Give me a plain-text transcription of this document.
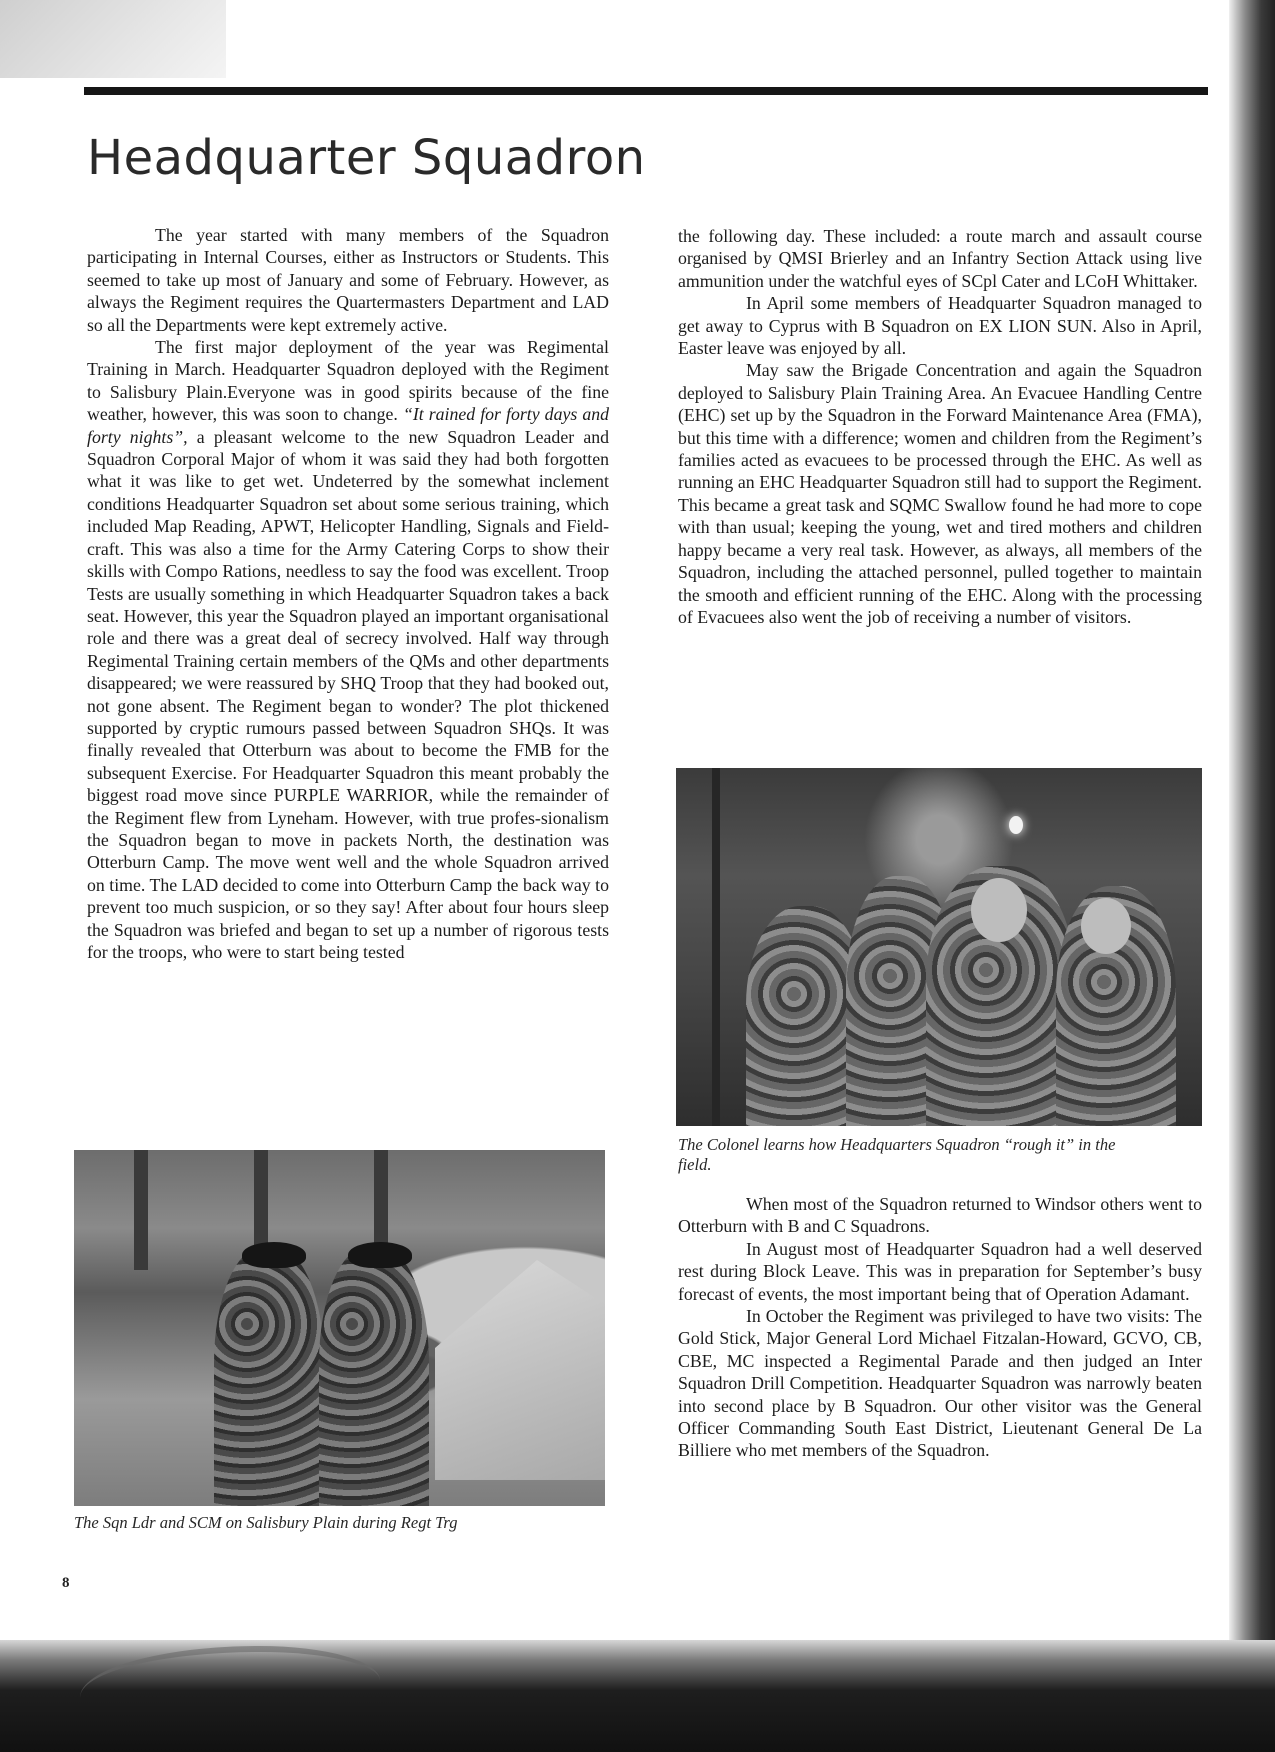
Headquarter Squadron

The year started with many members of the Squadron participating in Internal Courses, either as Instructors or Students. This seemed to take up most of January and some of February. However, as always the Regiment requires the Quartermasters Department and LAD so all the Departments were kept extremely active.

The first major deployment of the year was Regimental Training in March. Headquarter Squadron deployed with the Regiment to Salisbury Plain.Everyone was in good spirits because of the fine weather, however, this was soon to change. “It rained for forty days and forty nights”, a pleasant welcome to the new Squadron Leader and Squadron Corporal Major of whom it was said they had both forgotten what it was like to get wet. Undeterred by the somewhat inclement conditions Headquarter Squadron set about some serious training, which included Map Reading, APWT, Helicopter Handling, Signals and Field-craft. This was also a time for the Army Catering Corps to show their skills with Compo Rations, needless to say the food was excellent. Troop Tests are usually something in which Headquarter Squadron takes a back seat. However, this year the Squadron played an important organisational role and there was a great deal of secrecy involved. Half way through Regimental Training certain members of the QMs and other departments disappeared; we were reassured by SHQ Troop that they had booked out, not gone absent. The Regiment began to wonder? The plot thickened supported by cryptic rumours passed between Squadron SHQs. It was finally revealed that Otterburn was about to become the FMB for the subsequent Exercise. For Headquarter Squadron this meant probably the biggest road move since PURPLE WARRIOR, while the remainder of the Regiment flew from Lyneham. However, with true profes-sionalism the Squadron began to move in packets North, the destination was Otterburn Camp. The move went well and the whole Squadron arrived on time. The LAD decided to come into Otterburn Camp the back way to prevent too much suspicion, or so they say! After about four hours sleep the Squadron was briefed and began to set up a number of rigorous tests for the troops, who were to start being tested

The Sqn Ldr and SCM on Salisbury Plain during Regt Trg

the following day. These included: a route march and assault course organised by QMSI Brierley and an Infantry Section Attack using live ammunition under the watchful eyes of SCpl Cater and LCoH Whittaker.

In April some members of Headquarter Squadron managed to get away to Cyprus with B Squadron on EX LION SUN. Also in April, Easter leave was enjoyed by all.

May saw the Brigade Concentration and again the Squadron deployed to Salisbury Plain Training Area. An Evacuee Handling Centre (EHC) set up by the Squadron in the Forward Maintenance Area (FMA), but this time with a difference; women and children from the Regiment’s families acted as evacuees to be processed through the EHC. As well as running an EHC Headquarter Squadron still had to support the Regiment. This became a great task and SQMC Swallow found he had more to cope with than usual; keeping the young, wet and tired mothers and children happy became a very real task. However, as always, all members of the Squadron, including the attached personnel, pulled together to maintain the smooth and efficient running of the EHC. Along with the processing of Evacuees also went the job of receiving a number of visitors.

The Colonel learns how Headquarters Squadron “rough it” in the field.

When most of the Squadron returned to Windsor others went to Otterburn with B and C Squadrons.

In August most of Headquarter Squadron had a well deserved rest during Block Leave. This was in preparation for September’s busy forecast of events, the most important being that of Operation Adamant.

In October the Regiment was privileged to have two visits: The Gold Stick, Major General Lord Michael Fitzalan-Howard, GCVO, CB, CBE, MC inspected a Regimental Parade and then judged an Inter Squadron Drill Competition. Headquarter Squadron was narrowly beaten into second place by B Squadron. Our other visitor was the General Officer Commanding South East District, Lieutenant General De La Billiere who met members of the Squadron.

8
